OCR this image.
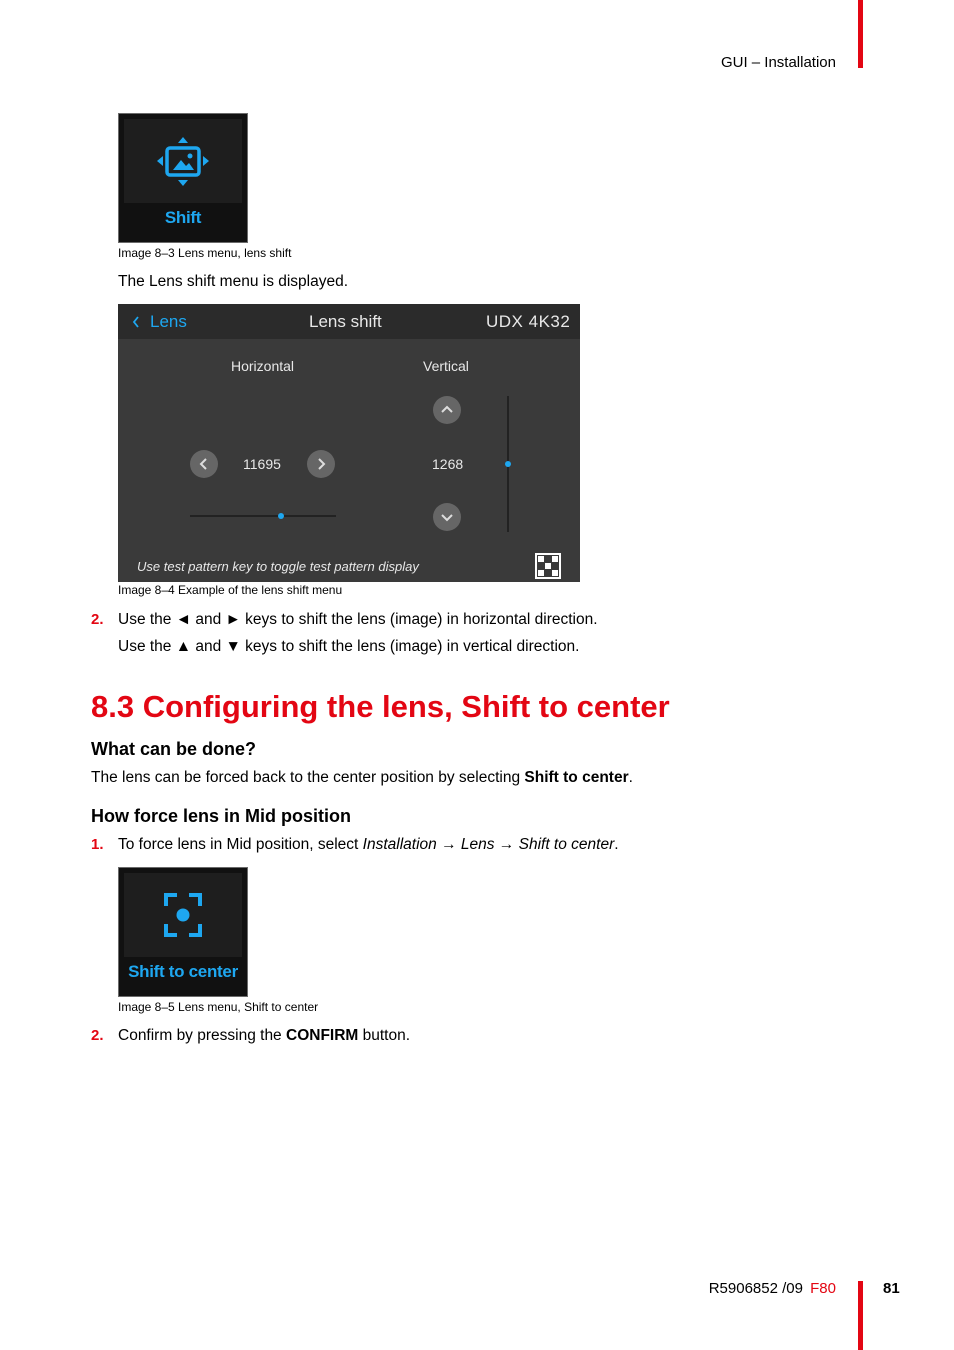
GUI – Installation
Shift
Image 8–3 Lens menu, lens shift
The Lens shift menu is displayed.
Lens	Lens shift	UDX 4K32
Horizontal	Vertical
11695	1268
Use test pattern key to toggle test pattern display
Image 8–4 Example of the lens shift menu
2. Use the ◄ and ► keys to shift the lens (image) in horizontal direction.
Use the ▲ and ▼ keys to shift the lens (image) in vertical direction.
8.3 Configuring the lens, Shift to center
What can be done?
The lens can be forced back to the center position by selecting Shift to center.
How force lens in Mid position
1. To force lens in Mid position, select Installation → Lens → Shift to center.
Shift to center
Image 8–5 Lens menu, Shift to center
2. Confirm by pressing the CONFIRM button.
R5906852 /09 F80	81
